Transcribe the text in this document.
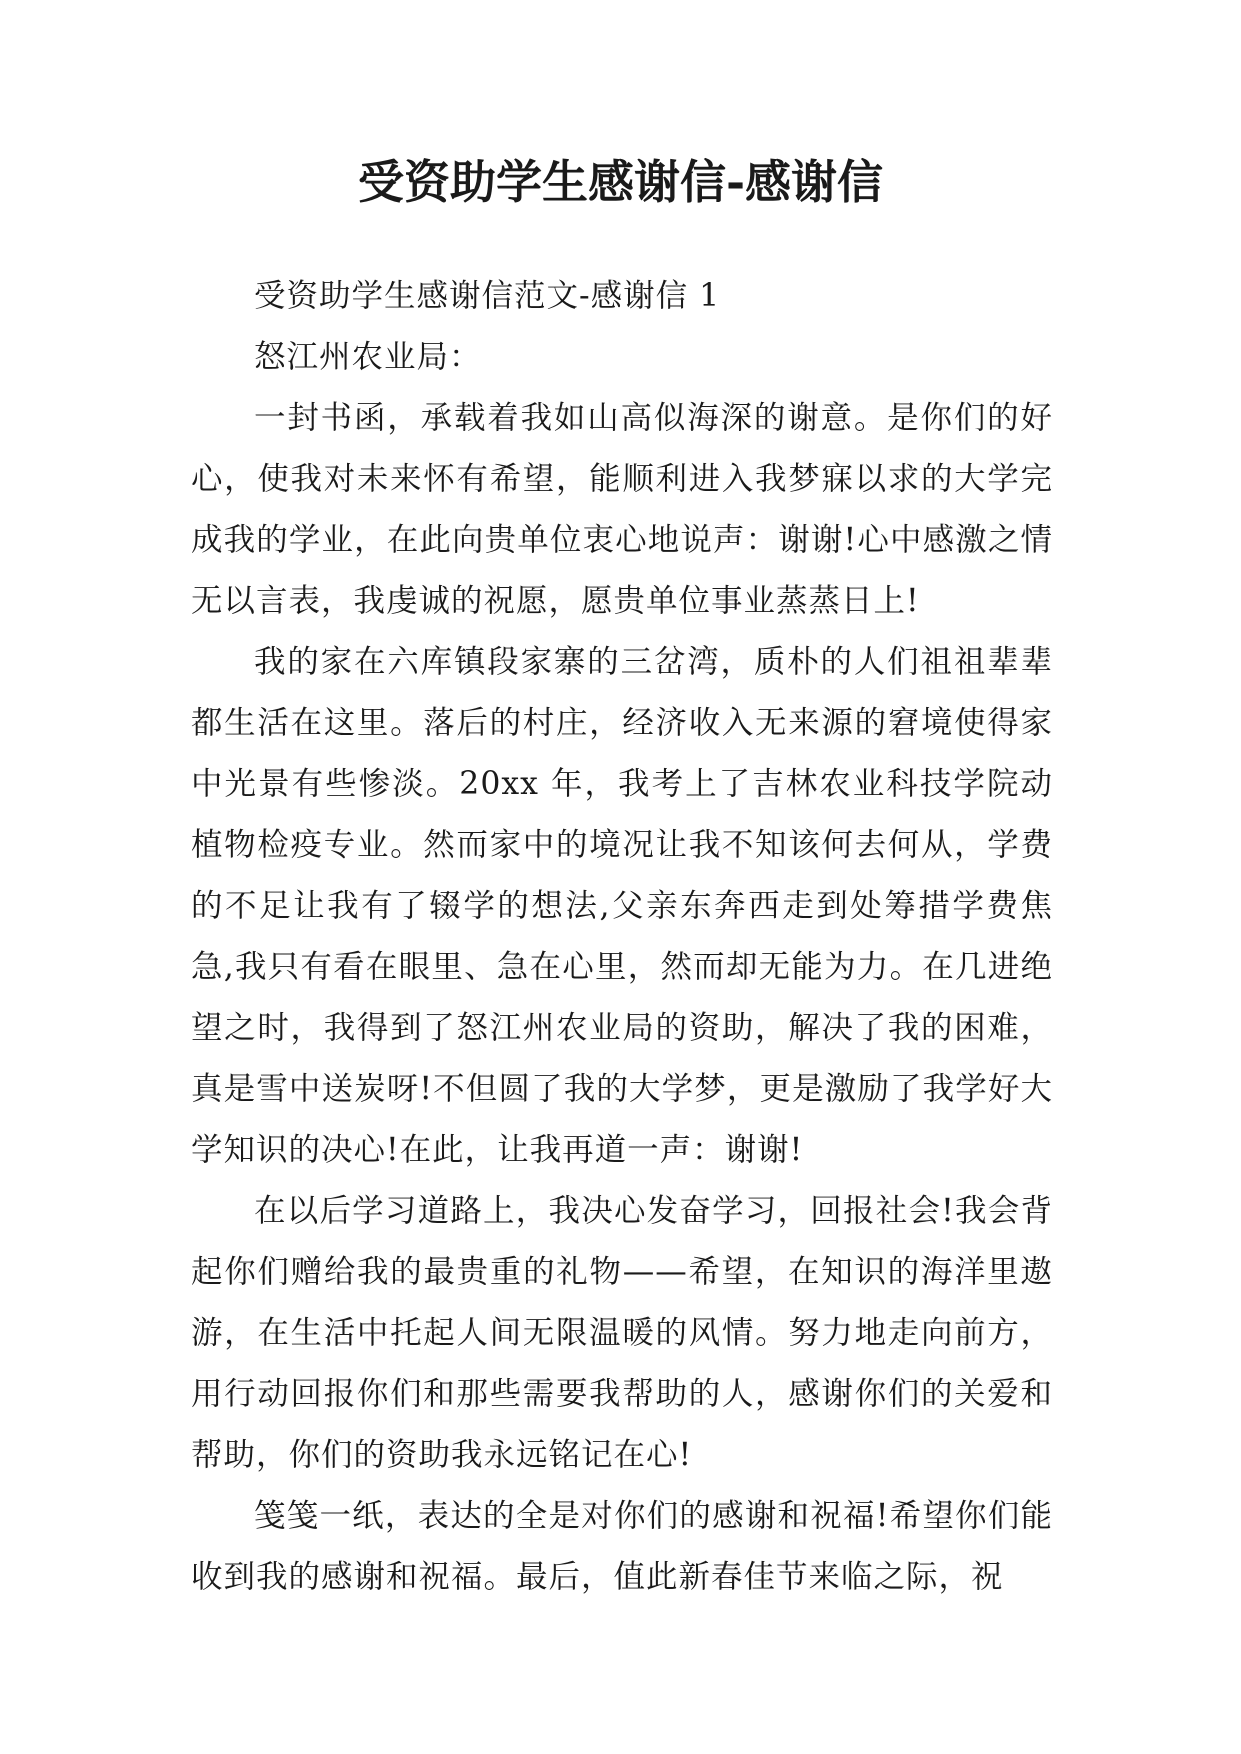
受资助学生感谢信-感谢信

受资助学生感谢信范文-感谢信 1

怒江州农业局：

一封书函，承载着我如山高似海深的谢意。是你们的好心，使我对未来怀有希望，能顺利进入我梦寐以求的大学完成我的学业，在此向贵单位衷心地说声：谢谢!心中感激之情无以言表，我虔诚的祝愿，愿贵单位事业蒸蒸日上!

我的家在六库镇段家寨的三岔湾，质朴的人们祖祖辈辈都生活在这里。落后的村庄，经济收入无来源的窘境使得家中光景有些惨淡。20xx 年，我考上了吉林农业科技学院动植物检疫专业。然而家中的境况让我不知该何去何从，学费的不足让我有了辍学的想法,父亲东奔西走到处筹措学费焦急,我只有看在眼里、急在心里，然而却无能为力。在几进绝望之时，我得到了怒江州农业局的资助，解决了我的困难，真是雪中送炭呀!不但圆了我的大学梦，更是激励了我学好大学知识的决心!在此，让我再道一声：谢谢!

在以后学习道路上，我决心发奋学习，回报社会!我会背起你们赠给我的最贵重的礼物——希望，在知识的海洋里遨游，在生活中托起人间无限温暖的风情。努力地走向前方，用行动回报你们和那些需要我帮助的人，感谢你们的关爱和帮助，你们的资助我永远铭记在心!

笺笺一纸，表达的全是对你们的感谢和祝福!希望你们能收到我的感谢和祝福。最后，值此新春佳节来临之际，祝
